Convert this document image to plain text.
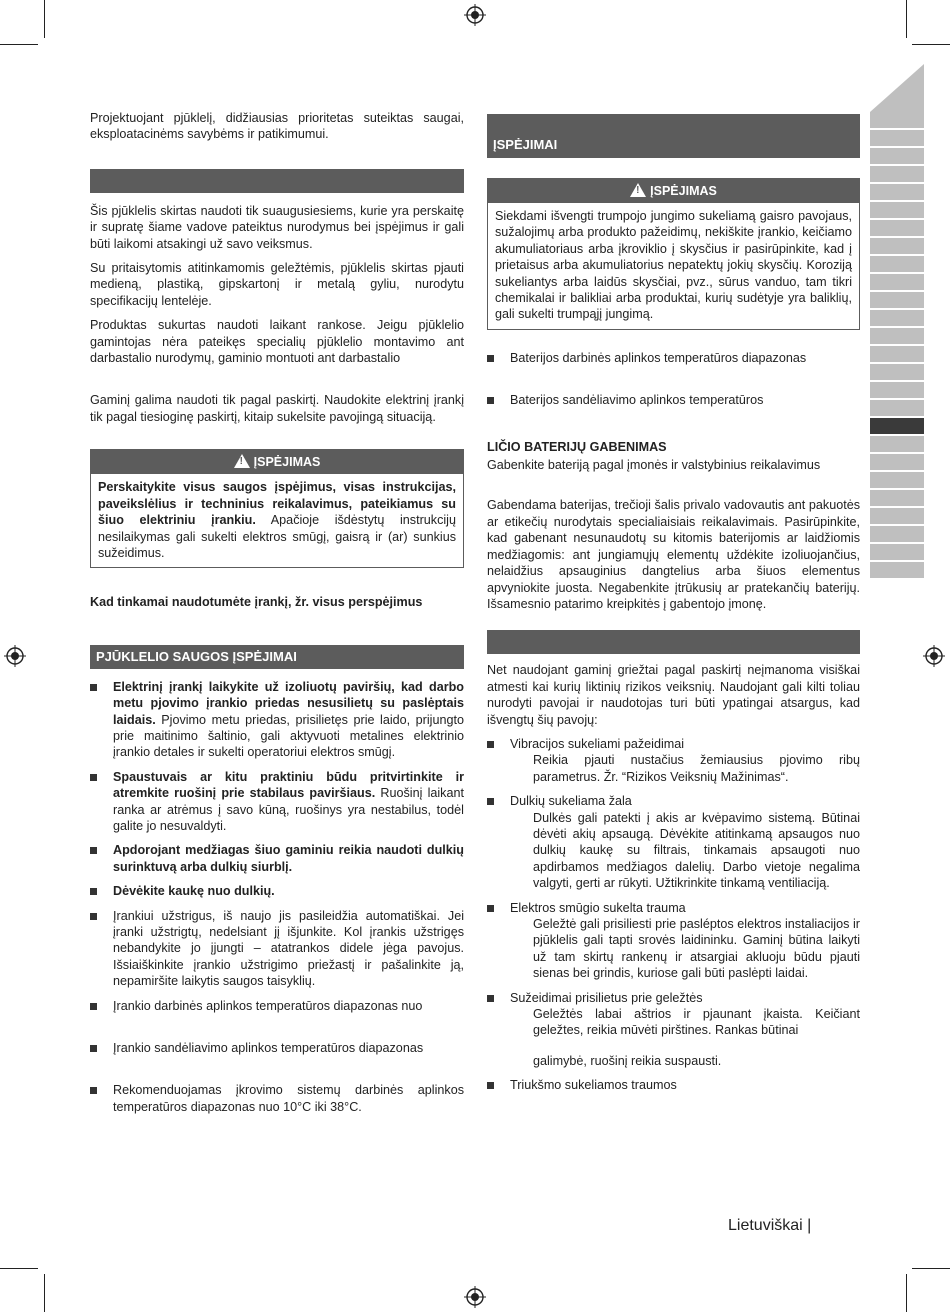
Projektuojant pjūklelį, didžiausias prioritetas suteiktas saugai, eksploatacinėms savybėms ir patikimumui.

Šis pjūklelis skirtas naudoti tik suaugusiesiems, kurie yra perskaitę ir supratę šiame vadove pateiktus nurodymus bei įspėjimus ir gali būti laikomi atsakingi už savo veiksmus.

Su pritaisytomis atitinkamomis geležtėmis, pjūklelis skirtas pjauti medieną, plastiką, gipskartonį ir metalą gyliu, nurodytu specifikacijų lentelėje.

Produktas sukurtas naudoti laikant rankose. Jeigu pjūklelio gamintojas nėra pateikęs specialių pjūklelio montavimo ant darbastalio nurodymų, gaminio montuoti ant darbastalio

Gaminį galima naudoti tik pagal paskirtį. Naudokite elektrinį įrankį tik pagal tiesioginę paskirtį, kitaip sukelsite pavojingą situaciją.

!ĮSPĖJIMAS
Perskaitykite visus saugos įspėjimus, visas instrukcijas, paveikslėlius ir techninius reikalavimus, pateikiamus su šiuo elektriniu įrankiu. Apačioje išdėstytų instrukcijų nesilaikymas gali sukelti elektros smūgį, gaisrą ir (ar) sunkius sužeidimus.

Kad tinkamai naudotumėte įrankį, žr. visus perspėjimus

PJŪKLELIO SAUGOS ĮSPĖJIMAI
Elektrinį įrankį laikykite už izoliuotų paviršių, kad darbo metu pjovimo įrankio priedas nesusilietų su paslėptais laidais. Pjovimo metu priedas, prisilietęs prie laido, prijungto prie maitinimo šaltinio, gali aktyvuoti metalines elektrinio įrankio detales ir sukelti operatoriui elektros smūgį.
Spaustuvais ar kitu praktiniu būdu pritvirtinkite ir atremkite ruošinį prie stabilaus paviršiaus. Ruošinį laikant ranka ar atrėmus į savo kūną, ruošinys yra nestabilus, todėl galite jo nesuvaldyti.
Apdorojant medžiagas šiuo gaminiu reikia naudoti dulkių surinktuvą arba dulkių siurblį.
Dėvėkite kaukę nuo dulkių.
Įrankiui užstrigus, iš naujo jis pasileidžia automatiškai. Jei įranki užstrigtų, nedelsiant jį išjunkite. Kol įrankis užstrigęs nebandykite jo įjungti – atatrankos didele jėga pavojus. Išsiaiškinkite įrankio užstrigimo priežastį ir pašalinkite ją, nepamiršite laikytis saugos taisyklių.
Įrankio darbinės aplinkos temperatūros diapazonas nuo
Įrankio sandėliavimo aplinkos temperatūros diapazonas
Rekomenduojamas įkrovimo sistemų darbinės aplinkos temperatūros diapazonas nuo 10°C iki 38°C.
ĮSPĖJIMAI
!ĮSPĖJIMAS
Siekdami išvengti trumpojo jungimo sukeliamą gaisro pavojaus, sužalojimų arba produkto pažeidimų, nekiškite įrankio, keičiamo akumuliatoriaus arba įkroviklio į skysčius ir pasirūpinkite, kad į prietaisus arba akumuliatorius nepatektų jokių skysčių. Koroziją sukeliantys arba laidūs skysčiai, pvz., sūrus vanduo, tam tikri chemikalai ir balikliai arba produktai, kurių sudėtyje yra baliklių, gali sukelti trumpąjį jungimą.
Baterijos darbinės aplinkos temperatūros diapazonas
Baterijos sandėliavimo aplinkos temperatūros

LIČIO BATERIJŲ GABENIMAS

Gabenkite bateriją pagal įmonės ir valstybinius reikalavimus

Gabendama baterijas, trečioji šalis privalo vadovautis ant pakuotės ar etikečių nurodytais specialiaisiais reikalavimais. Pasirūpinkite, kad gabenant nesunaudotų su kitomis baterijomis ar laidžiomis medžiagomis: ant jungiamųjų elementų uždėkite izoliuojančius, nelaidžius apsauginius dangtelius arba šiuos elementus apvyniokite juosta. Negabenkite įtrūkusių ar pratekančių baterijų. Išsamesnio patarimo kreipkitės į gabentojo įmonę.

Net naudojant gaminį griežtai pagal paskirtį neįmanoma visiškai atmesti kai kurių liktinių rizikos veiksnių. Naudojant gali kilti toliau nurodyti pavojai ir naudotojas turi būti ypatingai atsargus, kad išvengtų šių pavojų:

Vibracijos sukeliami pažeidimai
Reikia pjauti nustačius žemiausius pjovimo ribų parametrus. Žr. “Rizikos Veiksnių Mažinimas“.
Dulkių sukeliama žala
Dulkės gali patekti į akis ar kvėpavimo sistemą. Būtinai dėvėti akių apsaugą. Dėvėkite atitinkamą apsaugos nuo dulkių kaukę su filtrais, tinkamais apsaugoti nuo apdirbamos medžiagos dalelių. Darbo vietoje negalima valgyti, gerti ar rūkyti. Užtikrinkite tinkamą ventiliaciją.
Elektros smūgio sukelta trauma
Geležtė gali prisiliesti prie pasléptos elektros instaliacijos ir pjūklelis gali tapti srovės laidininku. Gaminį būtina laikyti už tam skirtų rankenų ir atsargiai akluoju būdu pjauti sienas bei grindis, kuriose gali būti paslėpti laidai.
Sužeidimai prisilietus prie geležtės
Geležtės labai aštrios ir pjaunant įkaista. Keičiant geležtes, reikia mūvėti pirštines. Rankas būtinai
galimybė, ruošinį reikia suspausti.
Triukšmo sukeliamos traumos
Lietuviškai |
